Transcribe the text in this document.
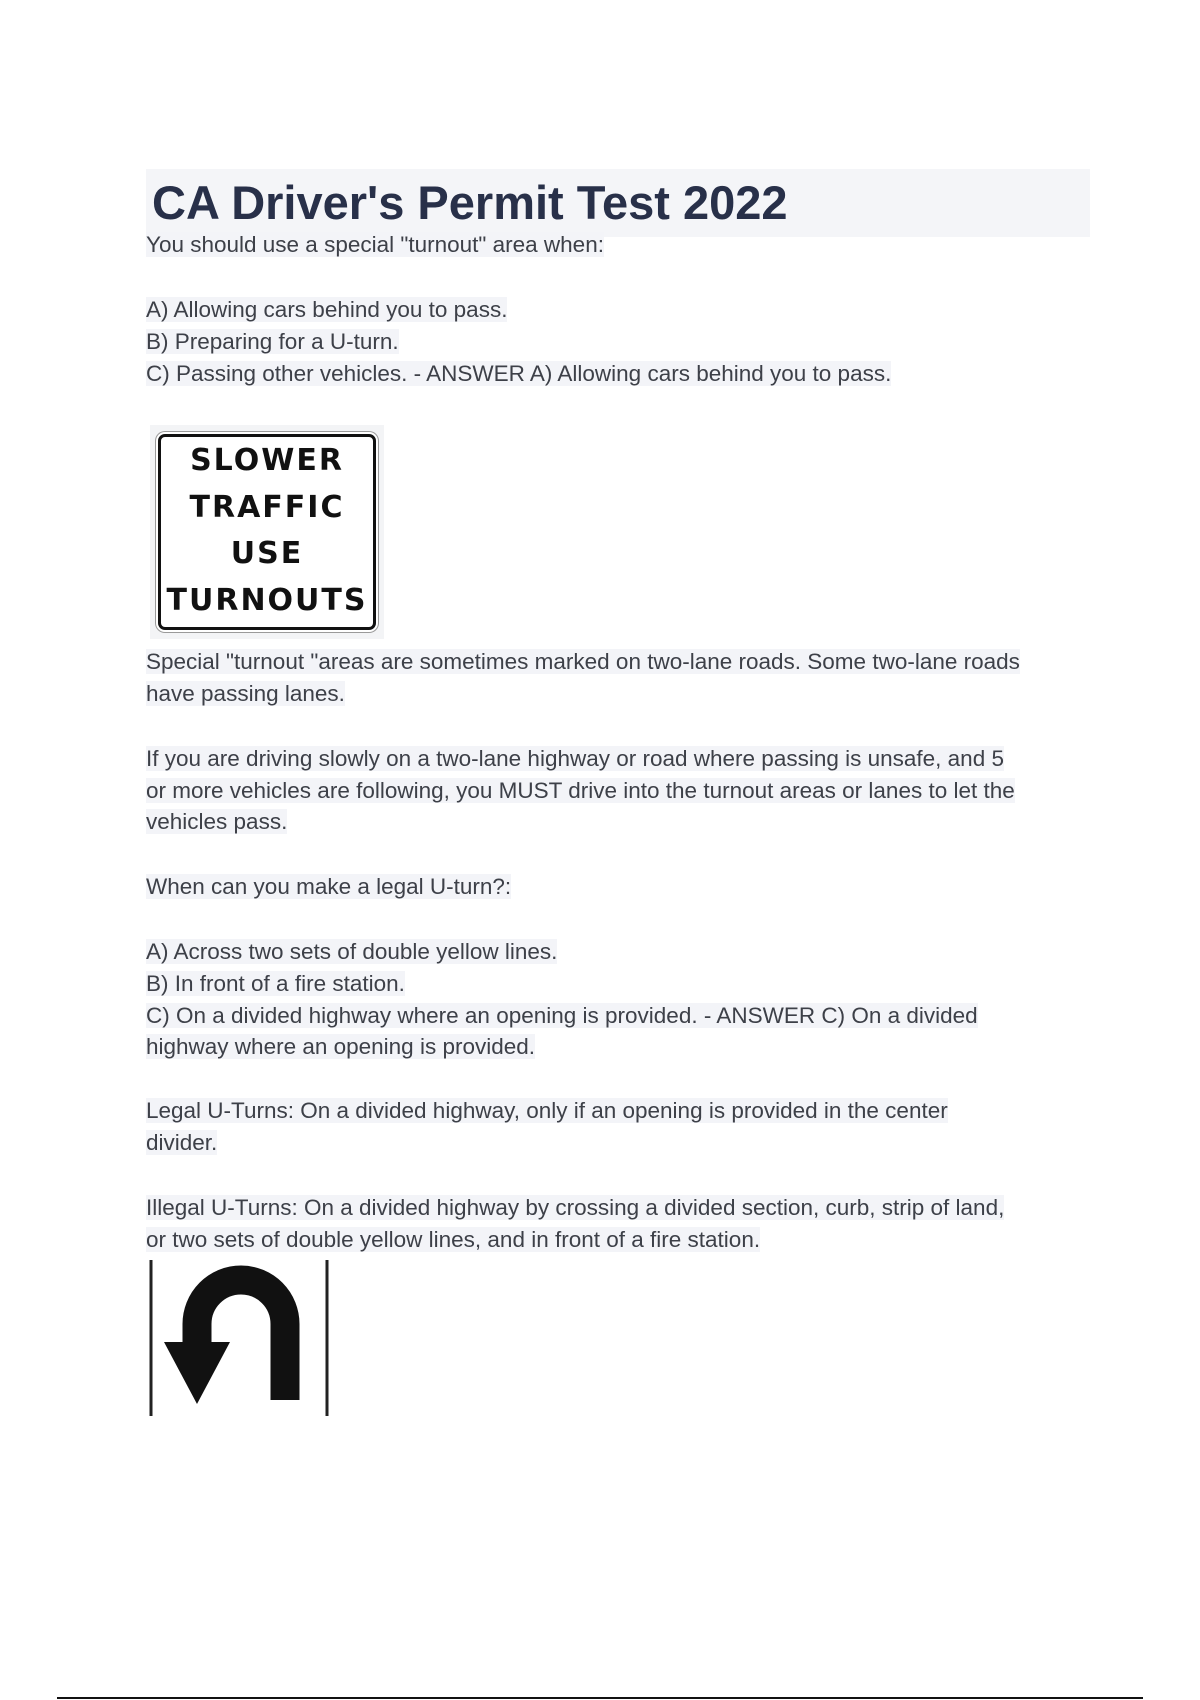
CA Driver's Permit Test 2022
You should use a special "turnout" area when:
A) Allowing cars behind you to pass.
B) Preparing for a U-turn.
C) Passing other vehicles. - ANSWER A) Allowing cars behind you to pass.
SLOWER
TRAFFIC
USE
TURNOUTS
Special "turnout "areas are sometimes marked on two-lane roads. Some two-lane roads
have passing lanes.
If you are driving slowly on a two-lane highway or road where passing is unsafe, and 5
or more vehicles are following, you MUST drive into the turnout areas or lanes to let the
vehicles pass.
When can you make a legal U-turn?:
A) Across two sets of double yellow lines.
B) In front of a fire station.
C) On a divided highway where an opening is provided. - ANSWER C) On a divided
highway where an opening is provided.
Legal U-Turns: On a divided highway, only if an opening is provided in the center
divider.
Illegal U-Turns: On a divided highway by crossing a divided section, curb, strip of land,
or two sets of double yellow lines, and in front of a fire station.
